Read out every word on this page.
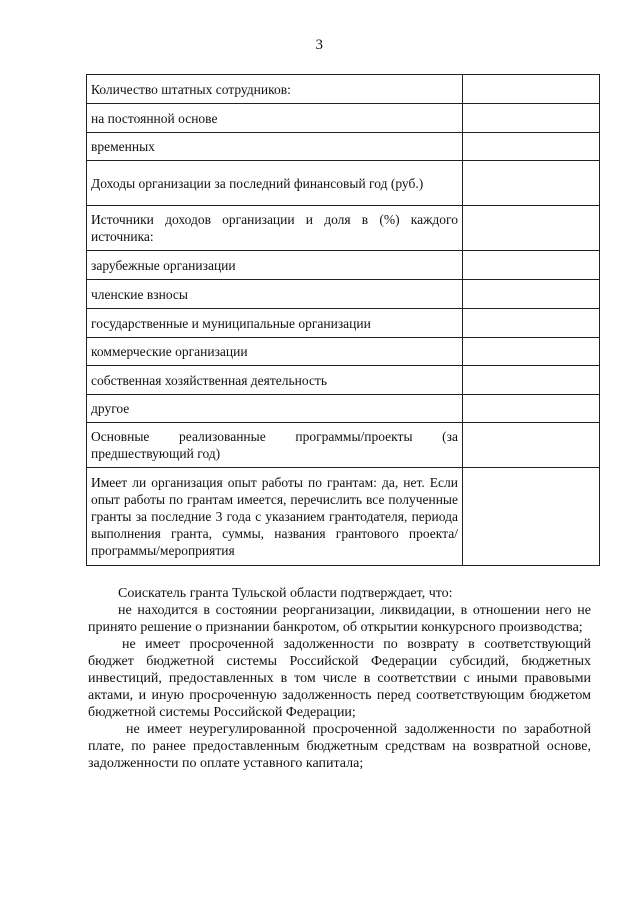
3
Количество штатных сотрудников:	
на постоянной основе	
временных	
Доходы организации за последний финансовый год (руб.)	
Источники доходов организации и доля в (%) каждого источника:	
зарубежные организации	
членские взносы	
государственные и муниципальные организации	
коммерческие организации	
собственная хозяйственная деятельность	
другое	
Основные реализованные программы/проекты (за предшествующий год)	
Имеет ли организация опыт работы по грантам: да, нет. Если опыт работы по грантам имеется, перечислить все полученные гранты за последние 3 года с указанием грантодателя, периода выполнения гранта, суммы, названия грантового проекта/программы/мероприятия	

Соискатель гранта Тульской области подтверждает, что:

не находится в состоянии реорганизации, ликвидации, в отношении него не принято решение о признании банкротом, об открытии конкурсного производства;

не имеет просроченной задолженности по возврату в соответствующий бюджет бюджетной системы Российской Федерации субсидий, бюджетных инвестиций, предоставленных в том числе в соответствии с иными правовыми актами, и иную просроченную задолженность перед соответствующим бюджетом бюджетной системы Российской Федерации;

не имеет неурегулированной просроченной задолженности по заработной плате, по ранее предоставленным бюджетным средствам на возвратной основе, задолженности по оплате уставного капитала;
